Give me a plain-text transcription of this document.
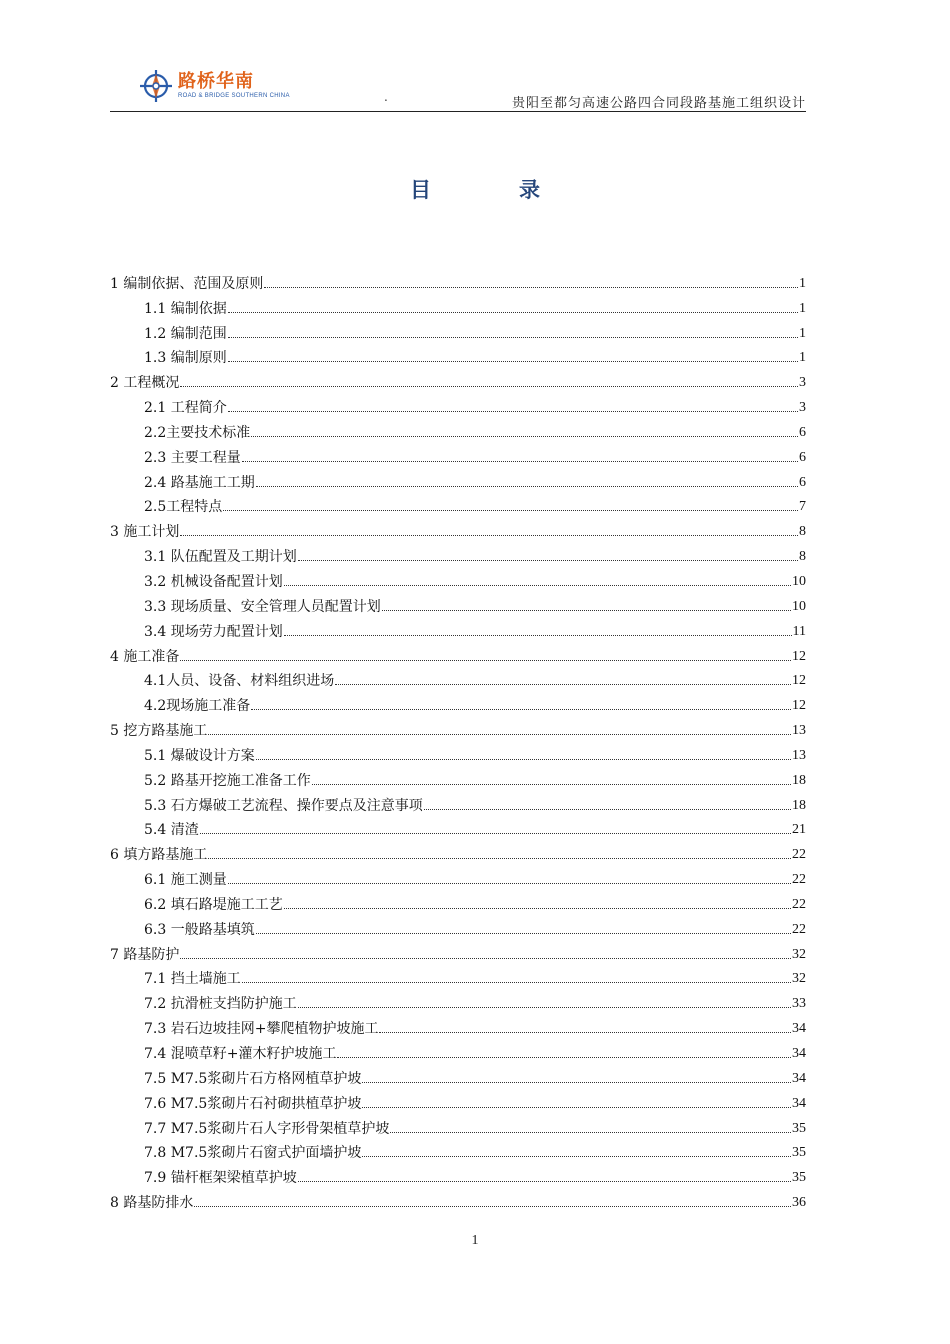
路桥华南
ROAD & BRIDGE SOUTHERN CHINA	.	贵阳至都匀高速公路四合同段路基施工组织设计
目	录
1 编制依据、范围及原则	1
1.1 编制依据	1
1.2 编制范围	1
1.3 编制原则	1
2 工程概况	3
2.1 工程简介	3
2.2主要技术标准	6
2.3 主要工程量	6
2.4 路基施工工期	6
2.5工程特点	7
3 施工计划	8
3.1 队伍配置及工期计划	8
3.2 机械设备配置计划	10
3.3 现场质量、安全管理人员配置计划	10
3.4 现场劳力配置计划	11
4 施工准备	12
4.1人员、设备、材料组织进场	12
4.2现场施工准备	12
5 挖方路基施工	13
5.1 爆破设计方案	13
5.2 路基开挖施工准备工作	18
5.3 石方爆破工艺流程、操作要点及注意事项	18
5.4 清渣	21
6 填方路基施工	22
6.1 施工测量	22
6.2 填石路堤施工工艺	22
6.3 一般路基填筑	22
7 路基防护	32
7.1 挡土墙施工	32
7.2 抗滑桩支挡防护施工	33
7.3 岩石边坡挂网+攀爬植物护坡施工	34
7.4 混喷草籽+灌木籽护坡施工	34
7.5 M7.5浆砌片石方格网植草护坡	34
7.6 M7.5浆砌片石衬砌拱植草护坡	34
7.7 M7.5浆砌片石人字形骨架植草护坡	35
7.8 M7.5浆砌片石窗式护面墙护坡	35
7.9 锚杆框架梁植草护坡	35
8 路基防排水	36
1
